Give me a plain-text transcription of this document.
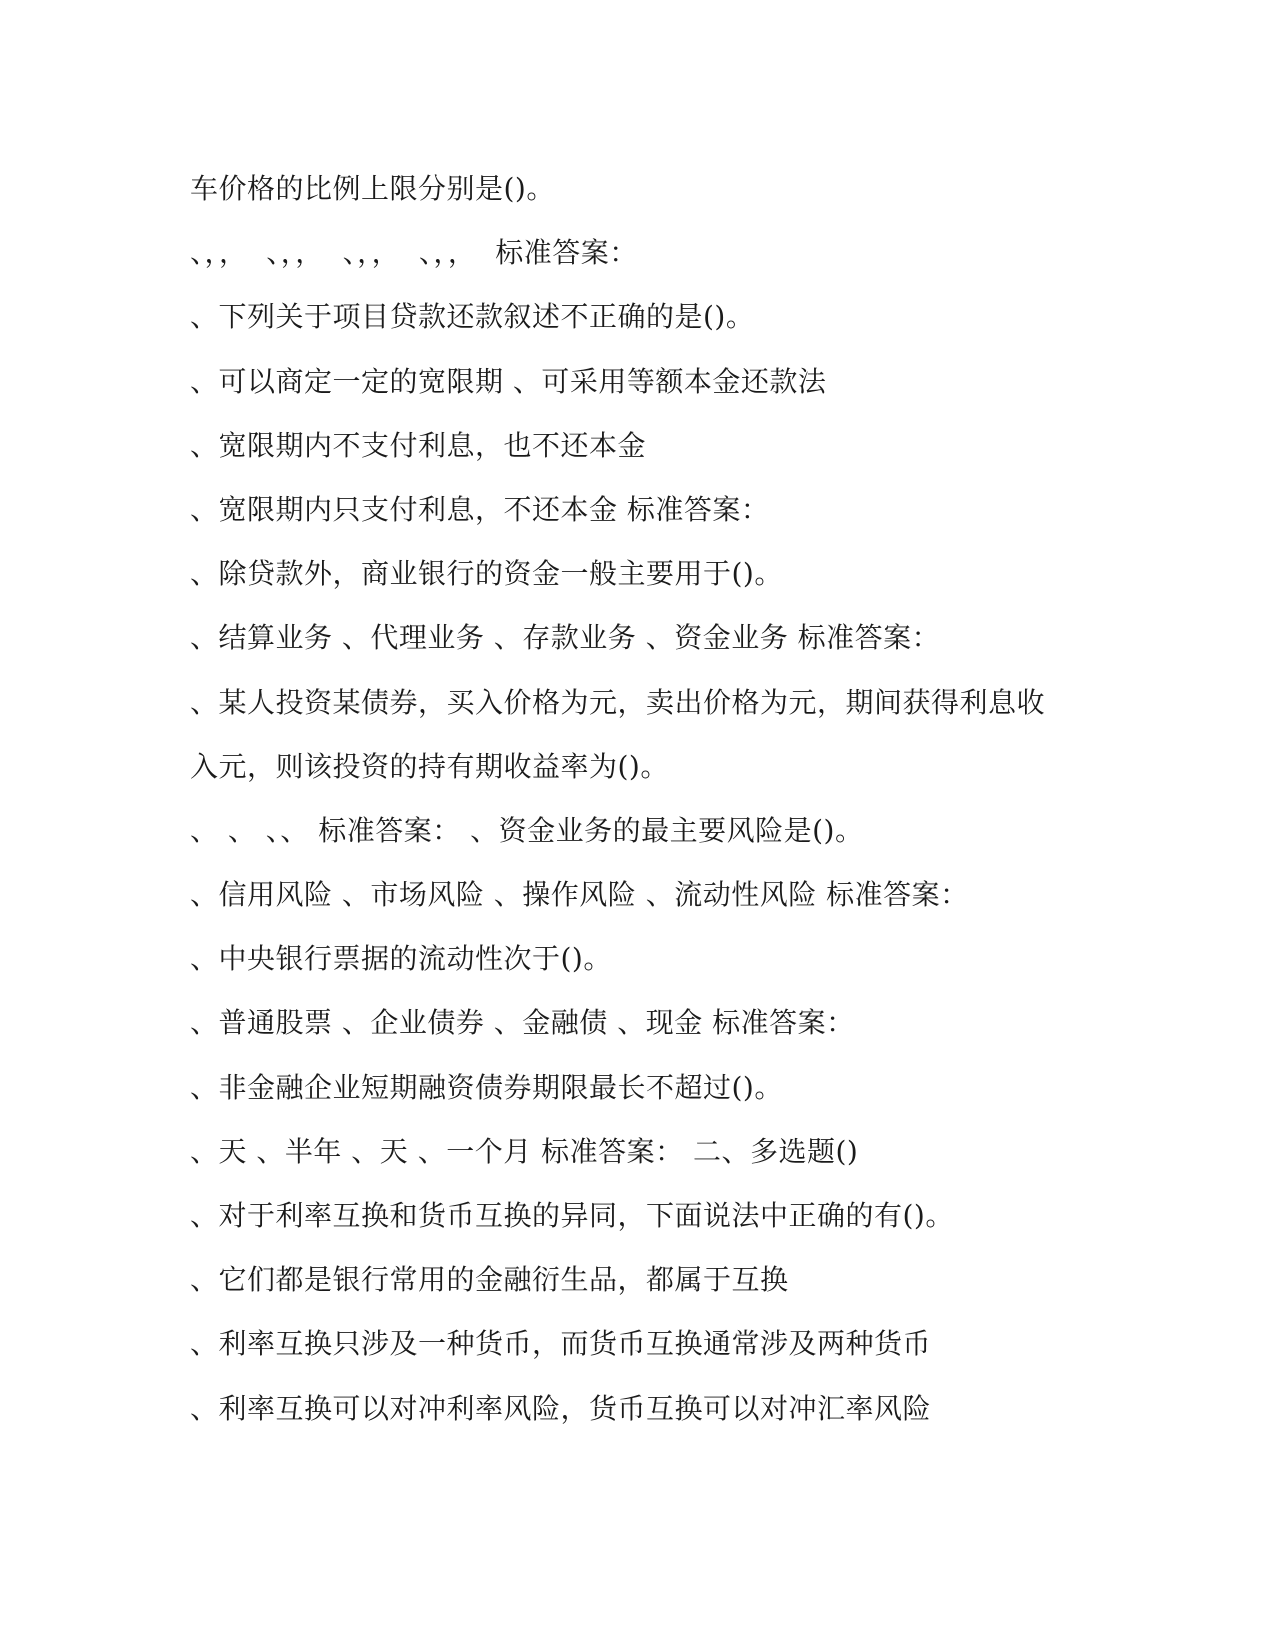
车价格的比例上限分别是()。
、，，  、，，  、，，  、，，  标准答案：
、下列关于项目贷款还款叙述不正确的是()。
、可以商定一定的宽限期 、可采用等额本金还款法
、宽限期内不支付利息，也不还本金
、宽限期内只支付利息，不还本金 标准答案：
、除贷款外，商业银行的资金一般主要用于()。
、结算业务 、代理业务 、存款业务 、资金业务 标准答案：
、某人投资某债券，买入价格为元，卖出价格为元，期间获得利息收
入元，则该投资的持有期收益率为()。
、 、 、、 标准答案： 、资金业务的最主要风险是()。
、信用风险 、市场风险 、操作风险 、流动性风险 标准答案：
、中央银行票据的流动性次于()。
、普通股票 、企业债券 、金融债 、现金 标准答案：
、非金融企业短期融资债券期限最长不超过()。
、天 、半年 、天 、一个月 标准答案： 二、多选题()
、对于利率互换和货币互换的异同，下面说法中正确的有()。
、它们都是银行常用的金融衍生品，都属于互换
、利率互换只涉及一种货币，而货币互换通常涉及两种货币
、利率互换可以对冲利率风险，货币互换可以对冲汇率风险
